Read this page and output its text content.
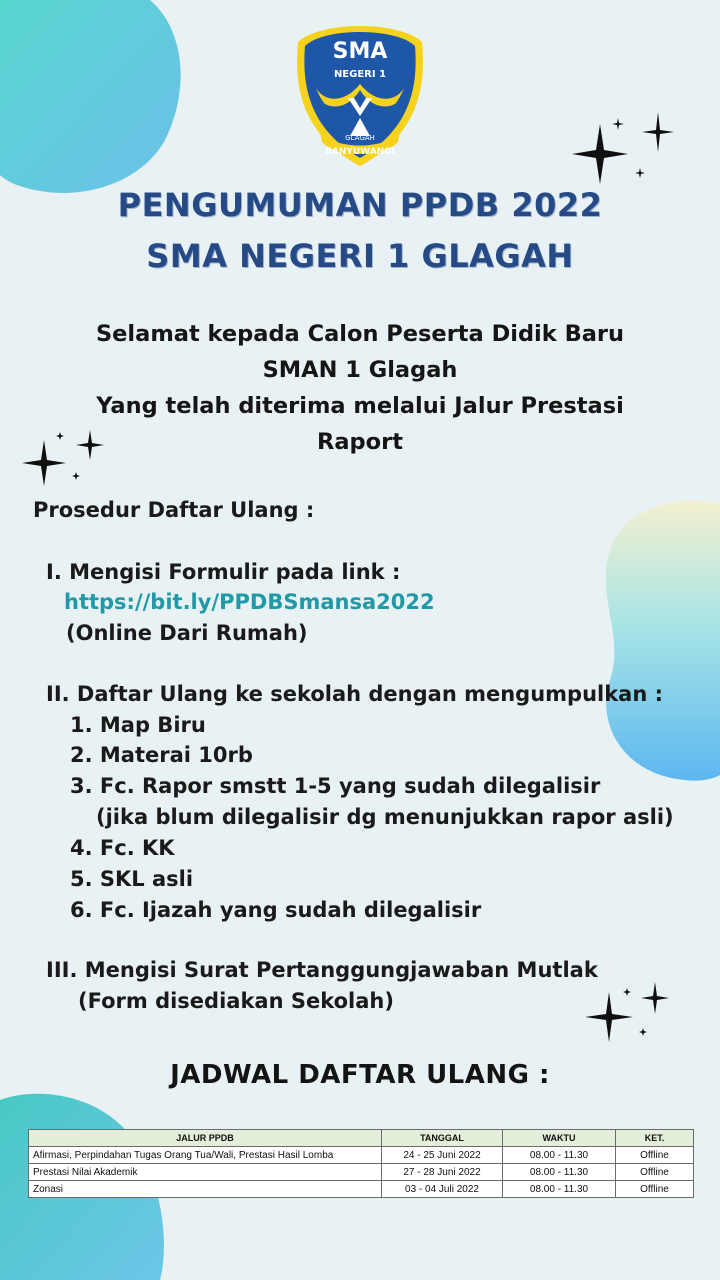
SMA
NEGERI 1
GLAGAH
BANYUWANGI
PENGUMUMAN PPDB 2022
SMA NEGERI 1 GLAGAH
Selamat kepada Calon Peserta Didik Baru
SMAN 1 Glagah
Yang telah diterima melalui Jalur Prestasi
Raport
Prosedur Daftar Ulang :
I. Mengisi Formulir pada link :
https://bit.ly/PPDBSmansa2022
(Online Dari Rumah)
II. Daftar Ulang ke sekolah dengan mengumpulkan :
1. Map Biru
2. Materai 10rb
3. Fc. Rapor smstt 1-5 yang sudah dilegalisir
(jika blum dilegalisir dg menunjukkan rapor asli)
4. Fc. KK
5. SKL asli
6. Fc. Ijazah yang sudah dilegalisir
III. Mengisi Surat Pertanggungjawaban Mutlak
(Form disediakan Sekolah)
JADWAL DAFTAR ULANG :
JALUR PPDB	TANGGAL	WAKTU	KET.
Afirmasi, Perpindahan Tugas Orang Tua/Wali, Prestasi Hasil Lomba	24 - 25 Juni 2022	08.00 - 11.30	Offline
Prestasi Nilai Akademik	27 - 28 Juni 2022	08.00 - 11.30	Offline
Zonasi	03 - 04 Juli 2022	08.00 - 11.30	Offline
